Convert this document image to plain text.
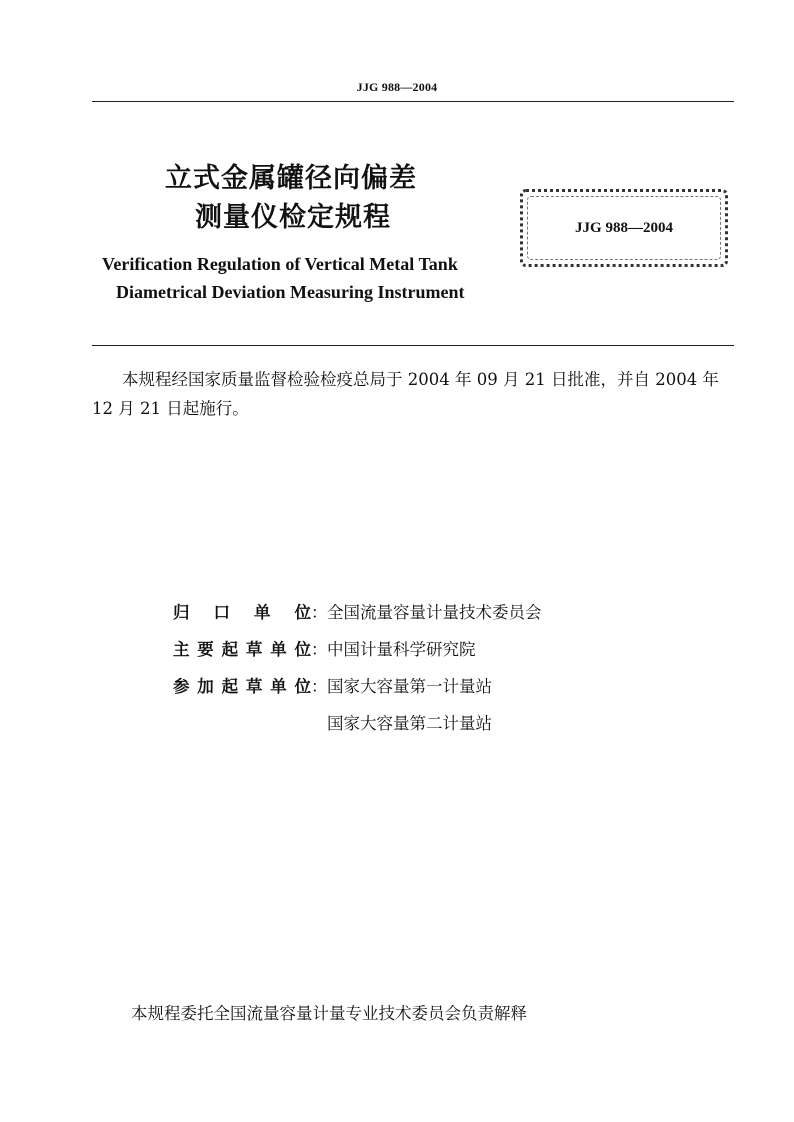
JJG 988—2004
立式金属罐径向偏差
测量仪检定规程	JJG 988—2004
Verification Regulation of Vertical Metal Tank
Diametrical Deviation Measuring Instrument
本规程经国家质量监督检验检疫总局于 2004 年 09 月 21 日批准，并自 2004 年 12 月 21 日起施行。
归口单位：全国流量容量计量技术委员会
主要起草单位：中国计量科学研究院
参加起草单位：国家大容量第一计量站
国家大容量第二计量站
本规程委托全国流量容量计量专业技术委员会负责解释
